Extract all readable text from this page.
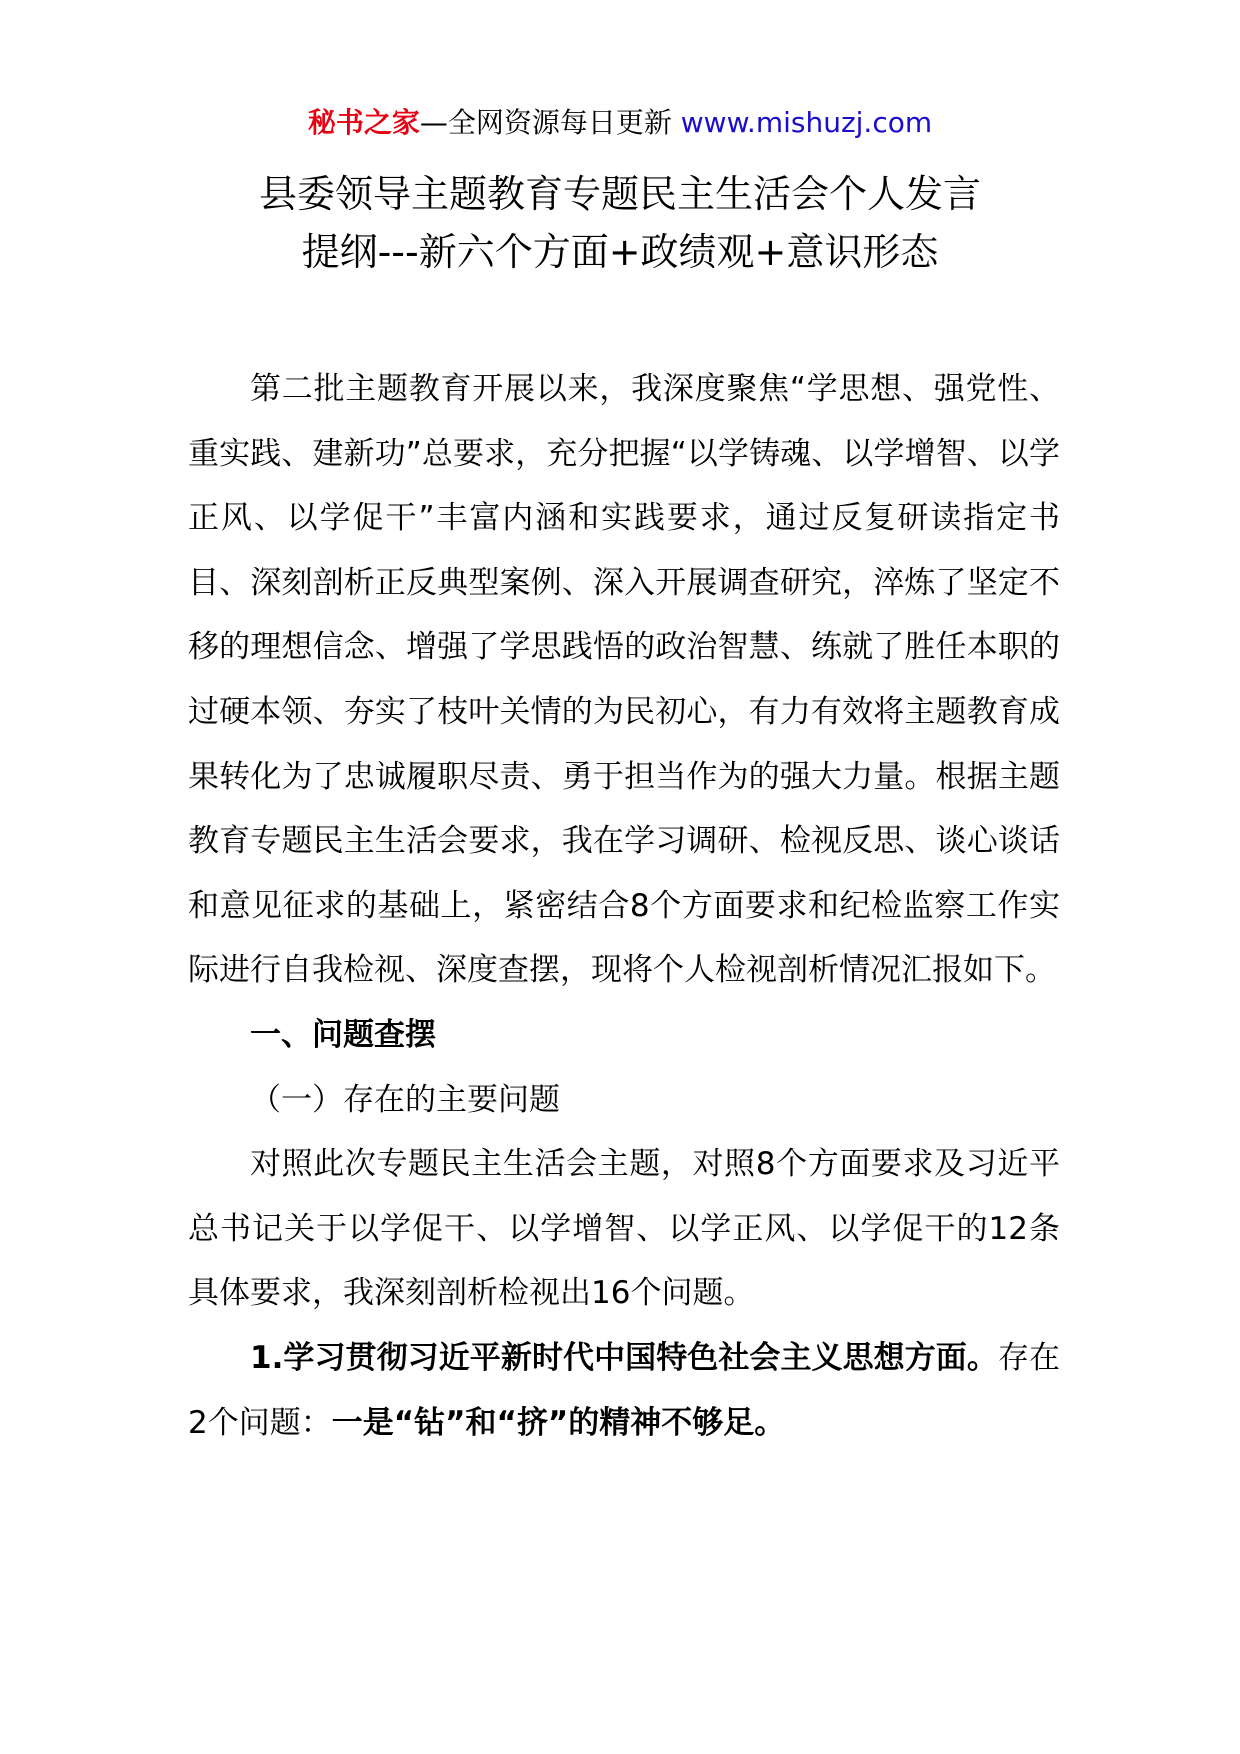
秘书之家—全网资源每日更新 www.mishuzj.com
县委领导主题教育专题民主生活会个人发言
提纲---新六个方面+政绩观+意识形态

第二批主题教育开展以来，我深度聚焦“学思想、强党性、重实践、建新功”总要求，充分把握“以学铸魂、以学增智、以学正风、以学促干”丰富内涵和实践要求，通过反复研读指定书目、深刻剖析正反典型案例、深入开展调查研究，淬炼了坚定不移的理想信念、增强了学思践悟的政治智慧、练就了胜任本职的过硬本领、夯实了枝叶关情的为民初心，有力有效将主题教育成果转化为了忠诚履职尽责、勇于担当作为的强大力量。根据主题教育专题民主生活会要求，我在学习调研、检视反思、谈心谈话和意见征求的基础上，紧密结合8个方面要求和纪检监察工作实际进行自我检视、深度查摆，现将个人检视剖析情况汇报如下。

一、问题查摆

（一）存在的主要问题

对照此次专题民主生活会主题，对照8个方面要求及习近平总书记关于以学促干、以学增智、以学正风、以学促干的12条具体要求，我深刻剖析检视出16个问题。

1.学习贯彻习近平新时代中国特色社会主义思想方面。存在2个问题：一是“钻”和“挤”的精神不够足。
